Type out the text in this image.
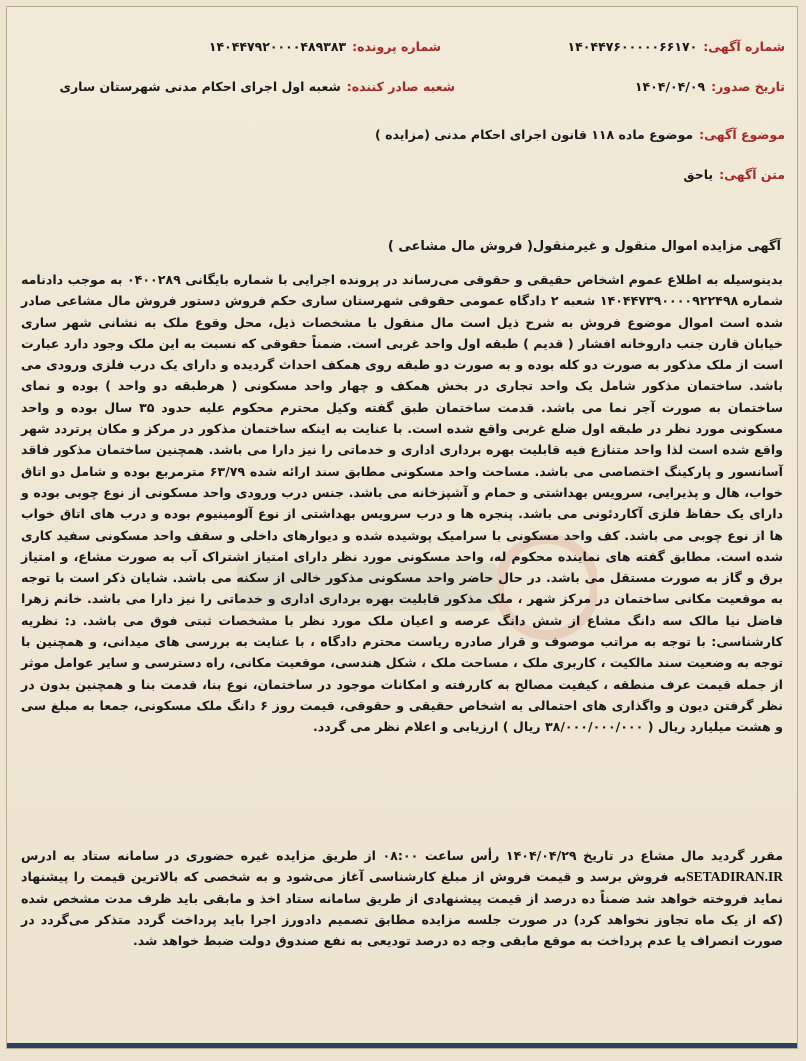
شماره آگهی:۱۴۰۴۴۷۶۰۰۰۰۰۶۶۱۷۰
شماره پرونده:۱۴۰۴۴۷۹۲۰۰۰۰۴۸۹۳۸۳
تاریخ صدور:۱۴۰۴/۰۴/۰۹
شعبه صادر کننده:شعبه اول اجرای احکام مدنی شهرستان ساری
موضوع آگهی:موضوع ماده ۱۱۸ قانون اجرای احکام مدنی (مزایده )
متن آگهی:یاحق
آگهی مزایده اموال منقول و غیرمنقول( فروش مال مشاعی )
بدینوسیله به اطلاع عموم اشخاص حقیقی و حقوقی می‌رساند در پرونده اجرایی با شماره بایگانی ۰۴۰۰۲۸۹ به موجب دادنامه شماره ۱۴۰۴۴۷۳۹۰۰۰۰۹۲۲۴۹۸ شعبه ۲ دادگاه عمومی حقوقی شهرستان ساری حکم فروش دستور فروش مال مشاعی صادر شده است اموال موضوع فروش به شرح ذیل است مال منقول با مشخصات ذیل، محل وقوع ملک به نشانی شهر ساری خیابان قارن جنب داروخانه افشار ( قدیم ) طبقه اول واحد غربی است. ضمناً حقوقی که نسبت به این ملک وجود دارد عبارت است از ملک مذکور به صورت دو کله بوده و به صورت دو طبقه روی همکف احداث گردیده و دارای یک درب فلزی ورودی می باشد. ساختمان مذکور شامل یک واحد تجاری در بخش همکف و چهار واحد مسکونی ( هرطبقه دو واحد ) بوده و نمای ساختمان به صورت آجر نما می باشد. قدمت ساختمان طبق گفته وکیل محترم محکوم علیه حدود ۳۵ سال بوده و واحد مسکونی مورد نظر در طبقه اول ضلع غربی واقع شده است. با عنایت به اینکه ساختمان مذکور در مرکز و مکان پرتردد شهر واقع شده است لذا واحد متنازع فیه قابلیت بهره برداری اداری و خدماتی را نیز دارا می باشد. همچنین ساختمان مذکور فاقد آسانسور و پارکینگ اختصاصی می باشد. مساحت واحد مسکونی مطابق سند ارائه شده ۶۳/۷۹ مترمربع بوده و شامل دو اتاق خواب، هال و پذیرایی، سرویس بهداشتی و حمام و آشپزخانه می باشد. جنس درب ورودی واحد مسکونی از نوع چوبی بوده و دارای یک حفاظ فلزی آکاردئونی می باشد. پنجره ها و درب سرویس بهداشتی از نوع آلومینیوم بوده و درب های اتاق خواب ها از نوع چوبی می باشد. کف واحد مسکونی با سرامیک پوشیده شده و دیوارهای داخلی و سقف واحد مسکونی سفید کاری شده است. مطابق گفته های نماینده محکوم له، واحد مسکونی مورد نظر دارای امتیاز اشتراک آب به صورت مشاع، و امتیاز برق و گاز به صورت مستقل می باشد. در حال حاضر واحد مسکونی مذکور خالی از سکنه می باشد. شایان ذکر است با توجه به موقعیت مکانی ساختمان در مرکز شهر ، ملک مذکور قابلیت بهره برداری اداری و خدماتی را نیز دارا می باشد. خانم زهرا فاضل نیا مالک سه دانگ مشاع از شش دانگ عرصه و اعیان ملک مورد نظر با مشخصات ثبتی فوق می باشد. د: نظریه کارشناسی: با توجه به مراتب موصوف و قرار صادره ریاست محترم دادگاه ، با عنایت به بررسی های میدانی، و همچنین با توجه به وضعیت سند مالکیت ، کاربری ملک ، مساحت ملک ، شکل هندسی، موقعیت مکانی، راه دسترسی و سایر عوامل موثر از جمله قیمت عرف منطقه ، کیفیت مصالح به کاررفته و امکانات موجود در ساختمان، نوع بنا، قدمت بنا و همچنین بدون در نظر گرفتن دیون و واگذاری های احتمالی به اشخاص حقیقی و حقوقی، قیمت روز ۶ دانگ ملک مسکونی، جمعا به مبلغ سی و هشت میلیارد ریال ( ۳۸/۰۰۰/۰۰۰/۰۰۰ ریال ) ارزیابی و اعلام نظر می گردد.
مقرر گردید مال مشاع در تاریخ ۱۴۰۴/۰۴/۲۹ رأس ساعت ۰۸:۰۰ از طریق مزایده غیره حضوری در سامانه ستاد به ادرس SETADIRAN.IRبه فروش برسد و قیمت فروش از مبلغ کارشناسی آغاز می‌شود و به شخصی که بالاترین قیمت را پیشنهاد نماید فروخته خواهد شد ضمناً ده درصد از قیمت پیشنهادی از طریق سامانه ستاد اخذ و مابقی باید ظرف مدت مشخص شده (که از یک ماه تجاوز نخواهد کرد) در صورت جلسه مزایده مطابق تصمیم دادورز اجرا باید پرداخت گردد متذکر می‌گردد در صورت انصراف یا عدم پرداخت به موقع مابقی وجه ده درصد تودیعی به نفع صندوق دولت ضبط خواهد شد.
